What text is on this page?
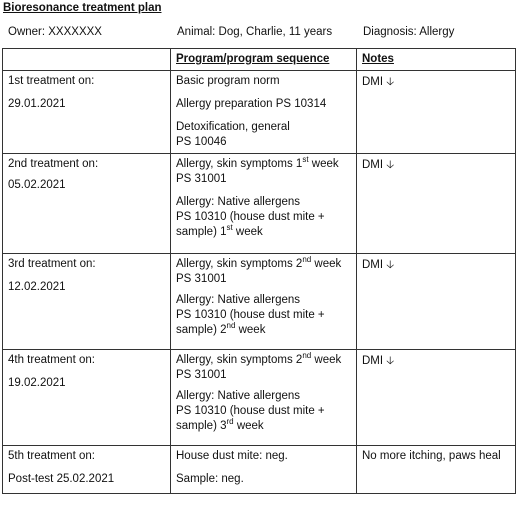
Bioresonance treatment plan
Owner: XXXXXXX	Animal: Dog, Charlie, 11 years	Diagnosis: Allergy
	Program/program sequence	Notes

1st treatment on:
29.01.2021	Basic program norm
Allergy preparation PS 10314
Detoxification, general
PS 10046	DMI 🡣

2nd treatment on:
05.02.2021	Allergy, skin symptoms 1st week
PS 31001
Allergy: Native allergens
PS 10310 (house dust mite +
sample) 1st week	DMI 🡣

3rd treatment on:
12.02.2021	Allergy, skin symptoms 2nd week
PS 31001
Allergy: Native allergens
PS 10310 (house dust mite +
sample) 2nd week	DMI 🡣

4th treatment on:
19.02.2021	Allergy, skin symptoms 2nd week
PS 31001
Allergy: Native allergens
PS 10310 (house dust mite +
sample) 3rd week	DMI 🡣

5th treatment on:
Post-test 25.02.2021	House dust mite: neg.
Sample: neg.	No more itching, paws heal
